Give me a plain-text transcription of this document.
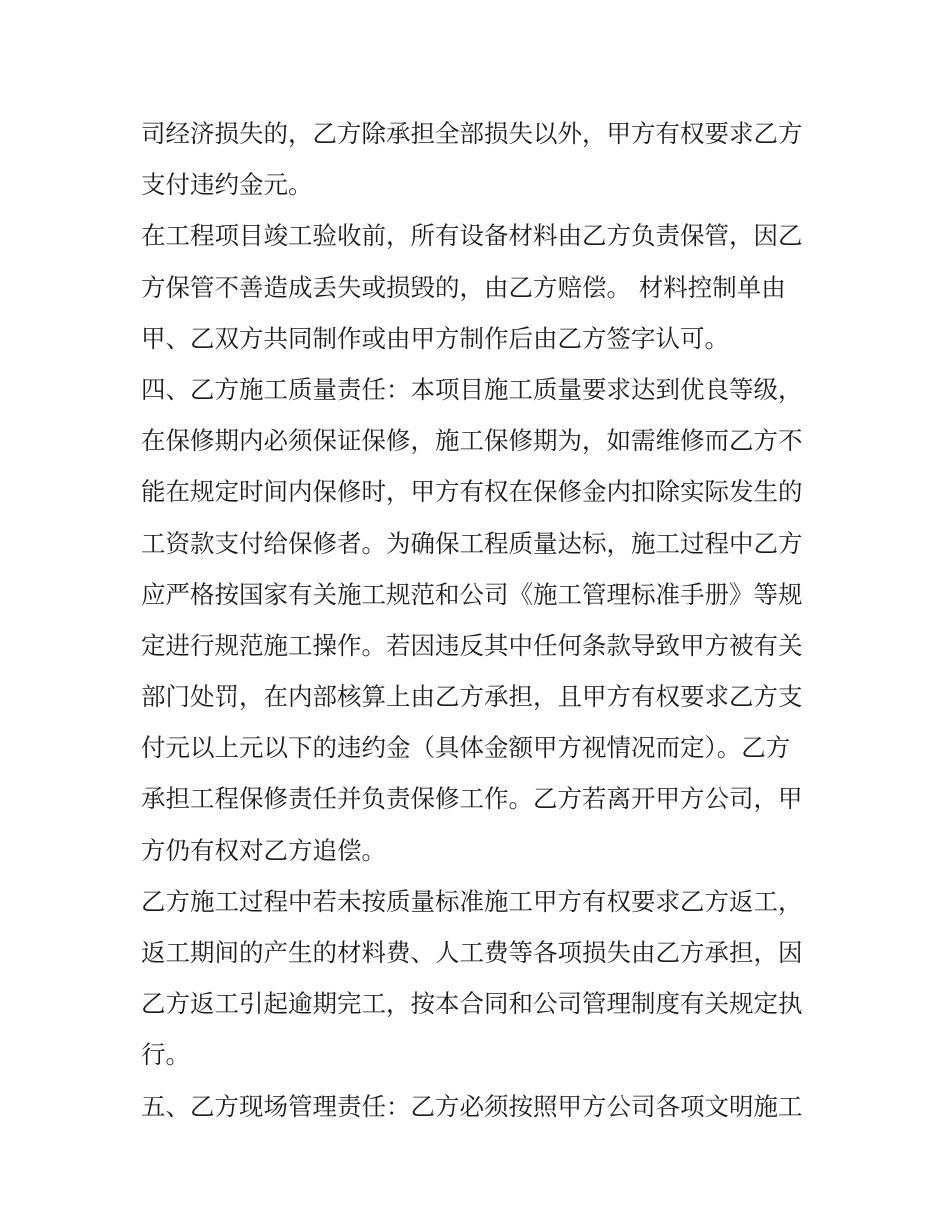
司经济损失的，乙方除承担全部损失以外，甲方有权要求乙方
支付违约金元。
在工程项目竣工验收前，所有设备材料由乙方负责保管，因乙
方保管不善造成丢失或损毁的，由乙方赔偿。 材料控制单由
甲、乙双方共同制作或由甲方制作后由乙方签字认可。
四、乙方施工质量责任：本项目施工质量要求达到优良等级，
在保修期内必须保证保修，施工保修期为，如需维修而乙方不
能在规定时间内保修时，甲方有权在保修金内扣除实际发生的
工资款支付给保修者。为确保工程质量达标，施工过程中乙方
应严格按国家有关施工规范和公司《施工管理标准手册》等规
定进行规范施工操作。若因违反其中任何条款导致甲方被有关
部门处罚，在内部核算上由乙方承担，且甲方有权要求乙方支
付元以上元以下的违约金（具体金额甲方视情况而定）。乙方
承担工程保修责任并负责保修工作。乙方若离开甲方公司，甲
方仍有权对乙方追偿。
乙方施工过程中若未按质量标准施工甲方有权要求乙方返工，
返工期间的产生的材料费、人工费等各项损失由乙方承担，因
乙方返工引起逾期完工，按本合同和公司管理制度有关规定执
行。
五、乙方现场管理责任：乙方必须按照甲方公司各项文明施工
